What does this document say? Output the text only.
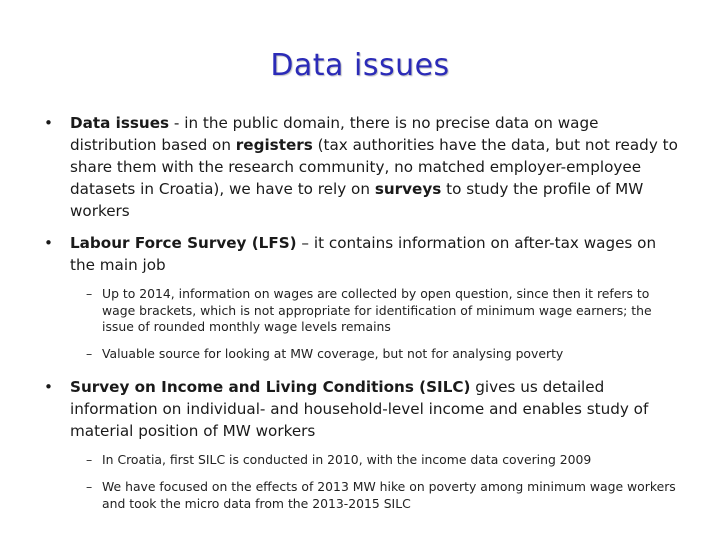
Data issues
•	Data issues - in the public domain, there is no precise data on wage distribution based on registers (tax authorities have the data, but not ready to share them with the research community, no matched employer-employee datasets in Croatia), we have to rely on surveys to study the profile of MW workers
•	Labour Force Survey (LFS) – it contains information on after-tax wages on the main job
– Up to 2014, information on wages are collected by open question, since then it refers to wage brackets, which is not appropriate for identification of minimum wage earners; the issue of rounded monthly wage levels remains
– Valuable source for looking at MW coverage, but not for analysing poverty
•	Survey on Income and Living Conditions (SILC) gives us detailed information on individual- and household-level income and enables study of material position of MW workers
– In Croatia, first SILC is conducted in 2010, with the income data covering 2009
– We have focused on the effects of 2013 MW hike on poverty among minimum wage workers and took the micro data from the 2013-2015 SILC
